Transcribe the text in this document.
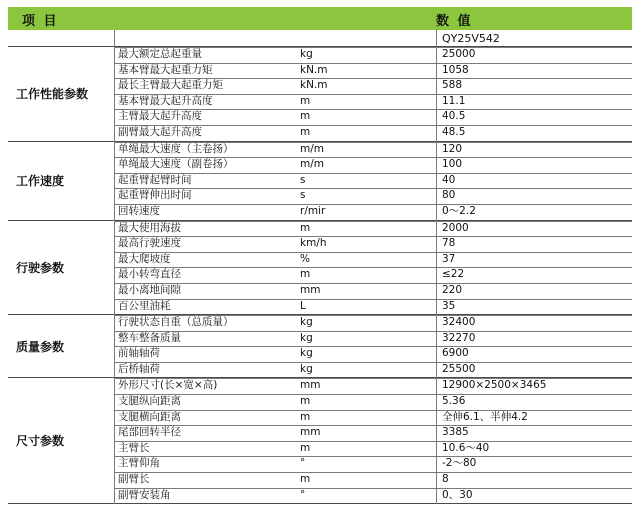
项 目	数 值
QY25V542
工作性能参数
最大额定总起重量	kg	25000
基本臂最大起重力矩	kN.m	1058
最长主臂最大起重力矩	kN.m	588
基本臂最大起升高度	m	11.1
主臂最大起升高度	m	40.5
副臂最大起升高度	m	48.5
工作速度
单绳最大速度（主卷扬）	m/m	120
单绳最大速度（副卷扬）	m/m	100
起重臂起臂时间	s	40
起重臂伸出时间	s	80
回转速度	r/mir	0～2.2
行驶参数
最大使用海拔	m	2000
最高行驶速度	km/h	78
最大爬坡度	%	37
最小转弯直径	m	≤22
最小离地间隙	mm	220
百公里油耗	L	35
质量参数
行驶状态自重（总质量）	kg	32400
整车整备质量	kg	32270
前轴轴荷	kg	6900
后桥轴荷	kg	25500
尺寸参数
外形尺寸(长×宽×高)	mm	12900×2500×3465
支腿纵向距离	m	5.36
支腿横向距离	m	全伸6.1、半伸4.2
尾部回转半径	mm	3385
主臂长	m	10.6～40
主臂仰角	°	-2～80
副臂长	m	8
副臂安装角	°	0、30
